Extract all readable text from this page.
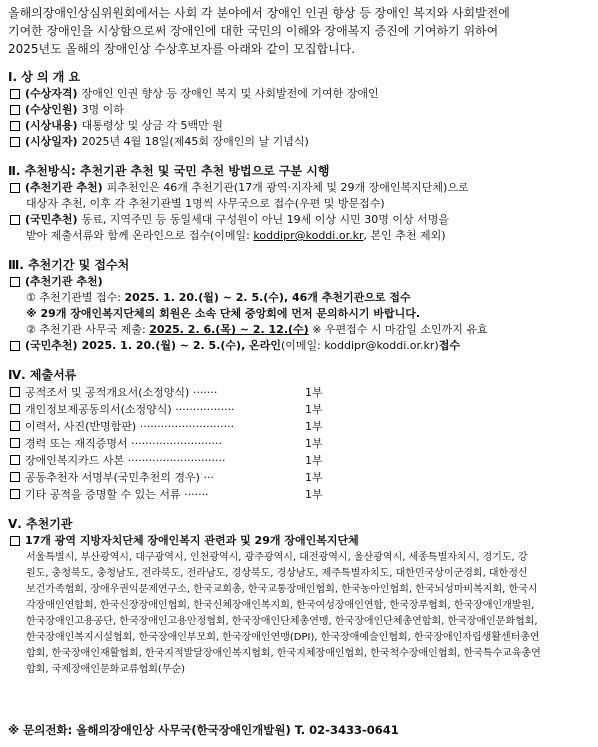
올해의장애인상심위원회에서는 사회 각 분야에서 장애인 인권 향상 등 장애인 복지와 사회발전에
기여한 장애인을 시상함으로써 장애인에 대한 국민의 이해와 장애복지 증진에 기여하기 위하여
2025년도 올해의 장애인상 수상후보자를 아래와 같이 모집합니다.
Ⅰ. 상 의 개 요
(수상자격) 장애인 인권 향상 등 장애인 복지 및 사회발전에 기여한 장애인
(수상인원) 3명 이하
(시상내용) 대통령상 및 상금 각 5백만 원
(시상일자) 2025년 4월 18일(제45회 장애인의 날 기념식)
Ⅱ. 추천방식: 추천기관 추천 및 국민 추천 방법으로 구분 시행
(추천기관 추천) 피추천인은 46개 추천기관(17개 광역·지자체 및 29개 장애인복지단체)으로
대상자 추천, 이후 각 추천기관별 1명씩 사무국으로 접수(우편 및 방문접수)
(국민추천) 동료, 지역주민 등 동일세대 구성원이 아닌 19세 이상 시민 30명 이상 서명을
받아 제출서류와 함께 온라인으로 접수(이메일: koddipr@koddi.or.kr, 본인 추천 제외)
Ⅲ. 추천기간 및 접수처
(추천기관 추천)
① 추천기관별 접수: 2025. 1. 20.(월) ~ 2. 5.(수), 46개 추천기관으로 접수
※ 29개 장애인복지단체의 회원은 소속 단체 중앙회에 먼저 문의하시기 바랍니다.
② 추천기관 사무국 제출: 2025. 2. 6.(목) ~ 2. 12.(수) ※ 우편접수 시 마감일 소인까지 유효
(국민추천) 2025. 1. 20.(월) ~ 2. 5.(수), 온라인 (이메일: koddipr@koddi.or.kr) 접수
Ⅳ. 제출서류
공적조서 및 공적개요서(소정양식) ·······	1부
개인정보제공동의서(소정양식) ·················	1부
이력서, 사진(반명함판) ···························	1부
경력 또는 재직증명서 ··························	1부
장애인복지카드 사본 ····························	1부
공동추천자 서명부(국민추천의 경우) ···	1부
기타 공적을 증명할 수 있는 서류 ·······	1부
Ⅴ. 추천기관
17개 광역 지방자치단체 장애인복지 관련과 및 29개 장애인복지단체
서울특별시, 부산광역시, 대구광역시, 인천광역시, 광주광역시, 대전광역시, 울산광역시, 세종특별자치시, 경기도, 강
원도, 충청북도, 충청남도, 전라북도, 전라남도, 경상북도, 경상남도, 제주특별자치도, 대한민국상이군경회, 대한정신
보건가족협회, 장애우권익문제연구소, 한국교회총, 한국교통장애인협회, 한국농아인협회, 한국뇌성마비복지회, 한국시
각장애인연합회, 한국신장장애인협회, 한국신체장애인복지회, 한국여성장애인연합, 한국장루협회, 한국장애인개발원,
한국장애인고용공단, 한국장애인고용안정협회, 한국장애인단체총연맹, 한국장애인단체총연합회, 한국장애인문화협회,
한국장애인복지시설협회, 한국장애인부모회, 한국장애인연맹(DPI), 한국장애예술인협회, 한국장애인자립생활센터총연
합회, 한국장애인재활협회, 한국지적발달장애인복지협회, 한국지체장애인협회, 한국척수장애인협회, 한국특수교육총연
합회, 국제장애인문화교류협회(무순)
※ 문의전화: 올해의장애인상 사무국(한국장애인개발원) T. 02-3433-0641
